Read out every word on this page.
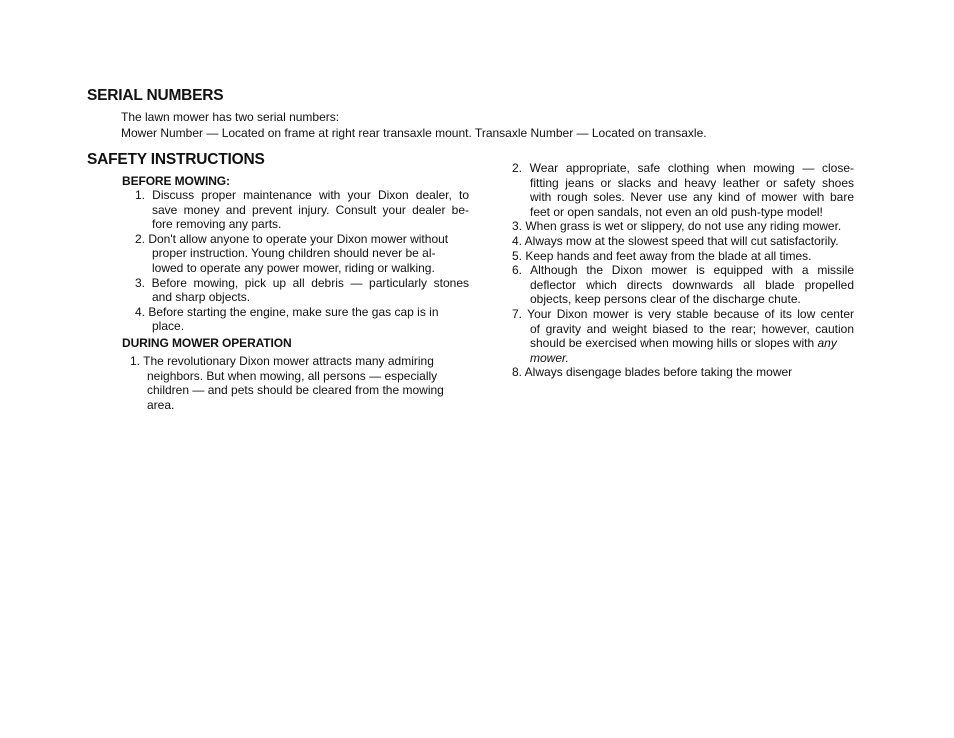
SERIAL NUMBERS
The lawn mower has two serial numbers:
Mower Number — Located on frame at right rear transaxle mount. Transaxle Number — Located on transaxle.
SAFETY INSTRUCTIONS
BEFORE MOWING:
1. Discuss proper maintenance with your Dixon dealer, to
save money and prevent injury. Consult your dealer be-
fore removing any parts.
2. Don't allow anyone to operate your Dixon mower without
proper instruction. Young children should never be al-
lowed to operate any power mower, riding or walking.
3. Before mowing, pick up all debris — particularly stones
and sharp objects.
4. Before starting the engine, make sure the gas cap is in
place.
DURING MOWER OPERATION
1. The revolutionary Dixon mower attracts many admiring
neighbors. But when mowing, all persons — especially
children — and pets should be cleared from the mowing
area.
2. Wear appropriate, safe clothing when mowing — close-
fitting jeans or slacks and heavy leather or safety shoes
with rough soles. Never use any kind of mower with bare
feet or open sandals, not even an old push-type model!
3. When grass is wet or slippery, do not use any riding mower.
4. Always mow at the slowest speed that will cut satisfactorily.
5. Keep hands and feet away from the blade at all times.
6. Although the Dixon mower is equipped with a missile
deflector which directs downwards all blade propelled
objects, keep persons clear of the discharge chute.
7. Your Dixon mower is very stable because of its low center
of gravity and weight biased to the rear; however, caution
should be exercised when mowing hills or slopes with any
mower.
8. Always disengage blades before taking the mower
